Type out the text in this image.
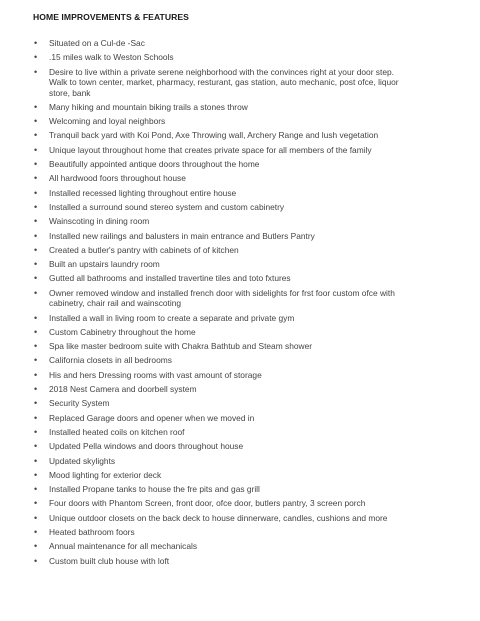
HOME IMPROVEMENTS & FEATURES
• Situated on a Cul-de -Sac
• .15 miles walk to Weston Schools
• Desire to live within a private serene neighborhood with the convinces right at your door step. Walk to town center, market, pharmacy, resturant, gas station, auto mechanic, post ofce, liquor store, bank
• Many hiking and mountain biking trails a stones throw
• Welcoming and loyal neighbors
• Tranquil back yard with Koi Pond, Axe Throwing wall, Archery Range and lush vegetation
• Unique layout throughout home that creates private space for all members of the family
• Beautifully appointed antique doors throughout the home
• All hardwood foors throughout house
• Installed recessed lighting throughout entire house
• Installed a surround sound stereo system and custom cabinetry
• Wainscoting in dining room
• Installed new railings and balusters in main entrance and Butlers Pantry
• Created a butler's pantry with cabinets of of kitchen
• Built an upstairs laundry room
• Gutted all bathrooms and installed travertine tiles and toto fxtures
• Owner removed window and installed french door with sidelights for frst foor custom ofce with cabinetry, chair rail and wainscoting
• Installed a wall in living room to create a separate and private gym
• Custom Cabinetry throughout the home
• Spa like master bedroom suite with Chakra Bathtub and Steam shower
• California closets in all bedrooms
• His and hers Dressing rooms with vast amount of storage
• 2018 Nest Camera and doorbell system
• Security System
• Replaced Garage doors and opener when we moved in
• Installed heated coils on kitchen roof
• Updated Pella windows and doors throughout house
• Updated skylights
• Mood lighting for exterior deck
• Installed Propane tanks to house the fre pits and gas grill
• Four doors with Phantom Screen, front door, ofce door, butlers pantry, 3 screen porch
• Unique outdoor closets on the back deck to house dinnerware, candles, cushions and more
• Heated bathroom foors
• Annual maintenance for all mechanicals
• Custom built club house with loft
